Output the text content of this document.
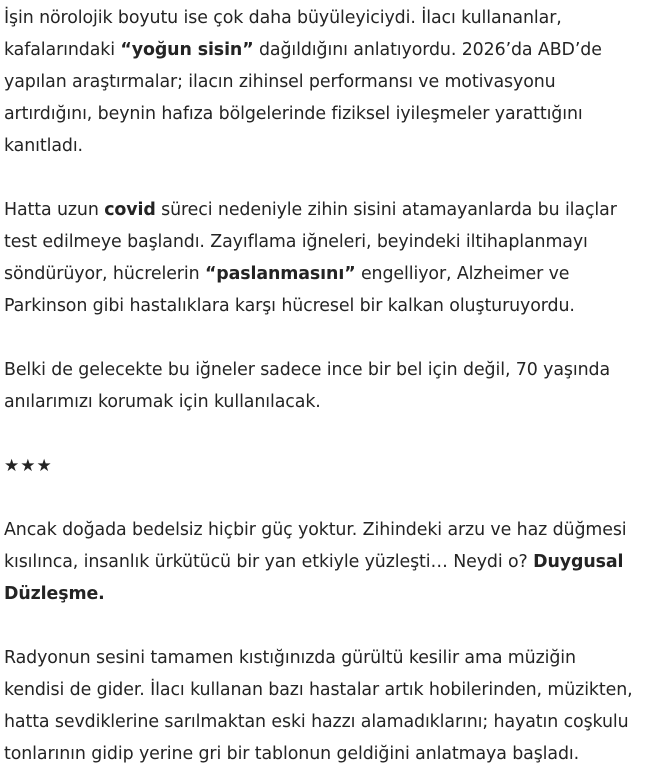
İşin nörolojik boyutu ise çok daha büyüleyiciydi. İlacı kullananlar, kafalarındaki “yoğun sisin” dağıldığını anlatıyordu. 2026’da ABD’de yapılan araştırmalar; ilacın zihinsel performansı ve motivasyonu artırdığını, beynin hafıza bölgelerinde fiziksel iyileşmeler yarattığını kanıtladı.

Hatta uzun covid süreci nedeniyle zihin sisini atamayanlarda bu ilaçlar test edilmeye başlandı. Zayıflama iğneleri, beyindeki iltihaplanmayı söndürüyor, hücrelerin “paslanmasını” engelliyor, Alzheimer ve Parkinson gibi hastalıklara karşı hücresel bir kalkan oluşturuyordu.

Belki de gelecekte bu iğneler sadece ince bir bel için değil, 70 yaşında anılarımızı korumak için kullanılacak.

★★★

Ancak doğada bedelsiz hiçbir güç yoktur. Zihindeki arzu ve haz düğmesi kısılınca, insanlık ürkütücü bir yan etkiyle yüzleşti… Neydi o? Duygusal Düzleşme.

Radyonun sesini tamamen kıstığınızda gürültü kesilir ama müziğin kendisi de gider. İlacı kullanan bazı hastalar artık hobilerinden, müzikten, hatta sevdiklerine sarılmaktan eski hazzı alamadıklarını; hayatın coşkulu tonlarının gidip yerine gri bir tablonun geldiğini anlatmaya başladı.
